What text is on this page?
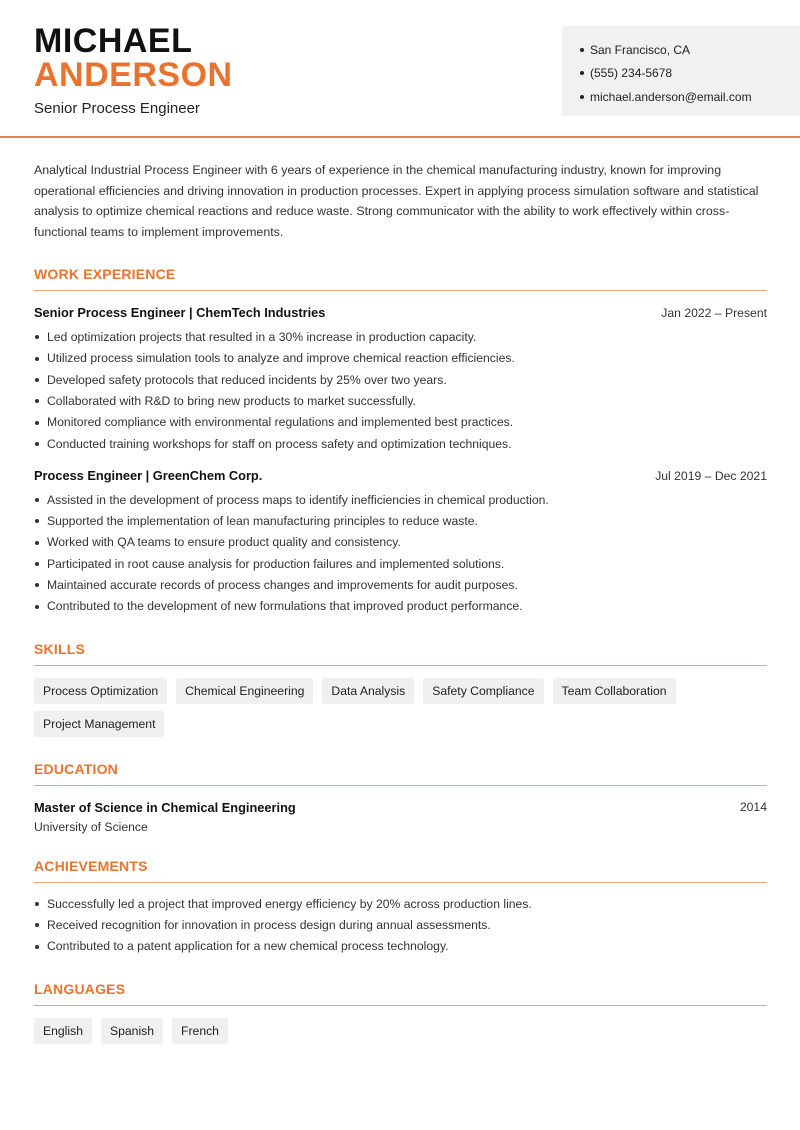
MICHAEL
ANDERSON
Senior Process Engineer
San Francisco, CA
(555) 234-5678
michael.anderson@email.com

Analytical Industrial Process Engineer with 6 years of experience in the chemical manufacturing industry, known for improving operational efficiencies and driving innovation in production processes. Expert in applying process simulation software and statistical analysis to optimize chemical reactions and reduce waste. Strong communicator with the ability to work effectively within cross-functional teams to implement improvements.

WORK EXPERIENCE
Senior Process Engineer | ChemTech Industries	Jan 2022 – Present
Led optimization projects that resulted in a 30% increase in production capacity.
Utilized process simulation tools to analyze and improve chemical reaction efficiencies.
Developed safety protocols that reduced incidents by 25% over two years.
Collaborated with R&D to bring new products to market successfully.
Monitored compliance with environmental regulations and implemented best practices.
Conducted training workshops for staff on process safety and optimization techniques.
Process Engineer | GreenChem Corp.	Jul 2019 – Dec 2021
Assisted in the development of process maps to identify inefficiencies in chemical production.
Supported the implementation of lean manufacturing principles to reduce waste.
Worked with QA teams to ensure product quality and consistency.
Participated in root cause analysis for production failures and implemented solutions.
Maintained accurate records of process changes and improvements for audit purposes.
Contributed to the development of new formulations that improved product performance.
SKILLS
Process Optimization	Chemical Engineering	Data Analysis	Safety Compliance	Team Collaboration
Project Management
EDUCATION
Master of Science in Chemical Engineering	2014
University of Science
ACHIEVEMENTS
Successfully led a project that improved energy efficiency by 20% across production lines.
Received recognition for innovation in process design during annual assessments.
Contributed to a patent application for a new chemical process technology.
LANGUAGES
English	Spanish	French
